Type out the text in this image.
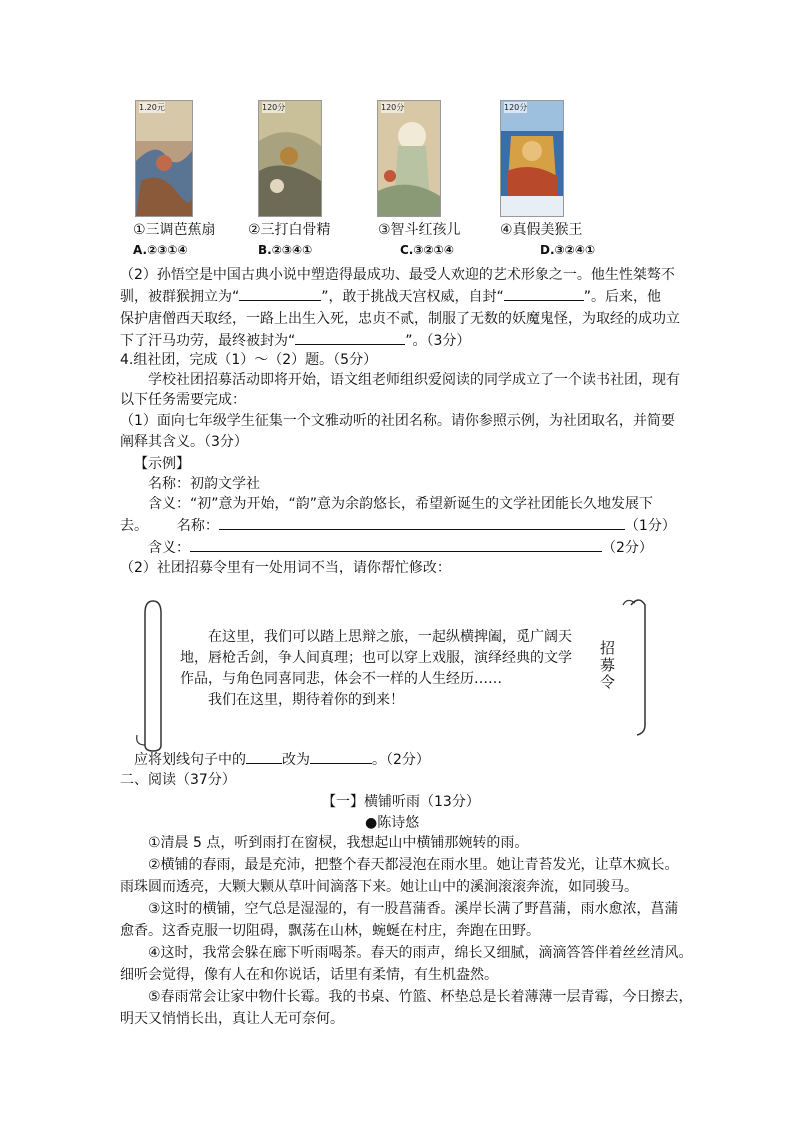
1.20元	120分	120分	120分
①三调芭蕉扇 ②三打白骨精	③智斗红孩儿	④真假美猴王
A.②③①④	B.②③④①	C.③②①④	D.③②④①
（2）孙悟空是中国古典小说中塑造得最成功、最受人欢迎的艺术形象之一。他生性桀骜不
驯，被群猴拥立为“	”，敢于挑战天宫权威，自封“	”。后来，他
保护唐僧西天取经，一路上出生入死，忠贞不贰，制服了无数的妖魔鬼怪，为取经的成功立
下了汗马功劳，最终被封为“	”。（3分）
4.组社团，完成（1）～（2）题。（5分）
学校社团招募活动即将开始，语文组老师组织爱阅读的同学成立了一个读书社团，现有
以下任务需要完成：
（1）面向七年级学生征集一个文雅动听的社团名称。请你参照示例，为社团取名，并简要
阐释其含义。（3分）
【示例】
名称：初韵文学社
含义：“初”意为开始，“韵”意为余韵悠长，希望新诞生的文学社团能长久地发展下
去。 名称：	（1分）
含义：	（2分）
（2）社团招募令里有一处用词不当，请你帮忙修改：
在这里，我们可以踏上思辩之旅，一起纵横捭阖，觅广阔天
地，唇枪舌剑，争人间真理；也可以穿上戏服，演绎经典的文学
作品，与角色同喜同悲，体会不一样的人生经历……
我们在这里，期待着你的到来！
招募令
应将划线句子中的	改为	。（2分）
二、阅读（37分）
【一】横铺听雨（13分）
●陈诗悠
①清晨 5 点，听到雨打在窗棂，我想起山中横铺那婉转的雨。
②横铺的春雨，最是充沛，把整个春天都浸泡在雨水里。她让青苔发光，让草木疯长。
雨珠圆而透亮，大颗大颗从草叶间滴落下来。她让山中的溪涧滚滚奔流，如同骏马。
③这时的横铺，空气总是湿湿的，有一股菖蒲香。溪岸长满了野菖蒲，雨水愈浓，菖蒲
愈香。这香克服一切阻碍，飘荡在山林，蜿蜒在村庄，奔跑在田野。
④这时，我常会躲在廊下听雨喝茶。春天的雨声，绵长又细腻，滴滴答答伴着丝丝清风。
细听会觉得，像有人在和你说话，话里有柔情，有生机盎然。
⑤春雨常会让家中物什长霉。我的书桌、竹篮、杯垫总是长着薄薄一层青霉，今日擦去，
明天又悄悄长出，真让人无可奈何。
